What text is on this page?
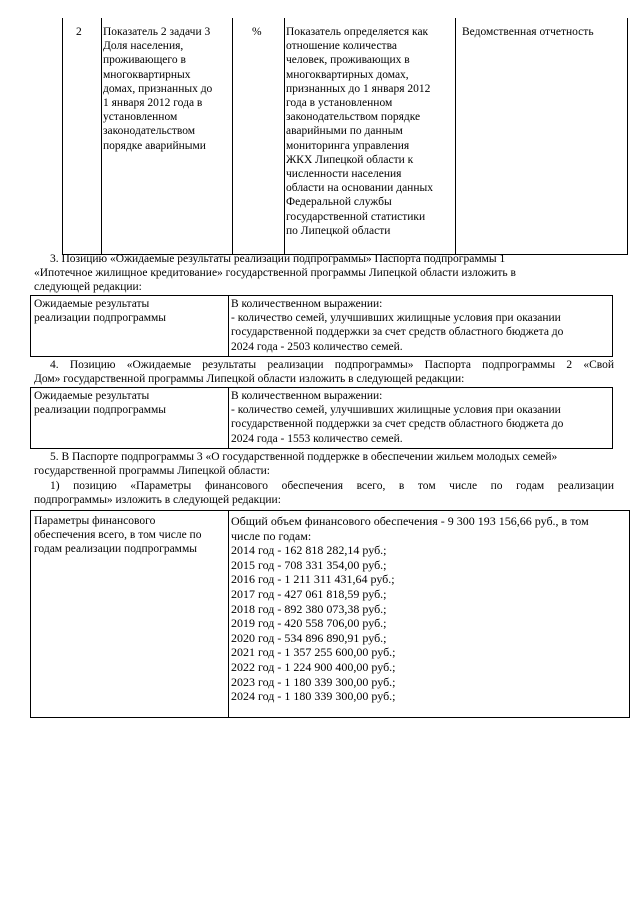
2 Показатель 2 задачи 3
Доля населения,
проживающего в
многоквартирных
домах, признанных до
1 января 2012 года в
установленном
законодательством
порядке аварийными
% Показатель определяется как
отношение количества
человек, проживающих в
многоквартирных домах,
признанных до 1 января 2012
года в установленном
законодательством порядке
аварийными по данным
мониторинга управления
ЖКХ Липецкой области к
численности населения
области на основании данных
Федеральной службы
государственной статистики
по Липецкой области
Ведомственная отчетность
3. Позицию «Ожидаемые результаты реализации подпрограммы» Паспорта подпрограммы 1
«Ипотечное жилищное кредитование» государственной программы Липецкой области изложить в
следующей редакции:
Ожидаемые результаты
реализации подпрограммы
В количественном выражении:
- количество семей, улучшивших жилищные условия при оказании
государственной поддержки за счет средств областного бюджета до
2024 года - 2503 количество семей.
4. Позицию «Ожидаемые результаты реализации подпрограммы» Паспорта подпрограммы 2 «Свой
Дом» государственной программы Липецкой области изложить в следующей редакции:
Ожидаемые результаты
реализации подпрограммы
В количественном выражении:
- количество семей, улучшивших жилищные условия при оказании
государственной поддержки за счет средств областного бюджета до
2024 года - 1553 количество семей.
5. В Паспорте подпрограммы 3 «О государственной поддержке в обеспечении жильем молодых семей»
государственной программы Липецкой области:
1) позицию «Параметры финансового обеспечения всего, в том числе по годам реализации
подпрограммы» изложить в следующей редакции:
Параметры финансового
обеспечения всего, в том числе по
годам реализации подпрограммы
Общий объем финансового обеспечения - 9 300 193 156,66 руб., в том
числе по годам:
2014 год - 162 818 282,14 руб.;
2015 год - 708 331 354,00 руб.;
2016 год - 1 211 311 431,64 руб.;
2017 год - 427 061 818,59 руб.;
2018 год - 892 380 073,38 руб.;
2019 год - 420 558 706,00 руб.;
2020 год - 534 896 890,91 руб.;
2021 год - 1 357 255 600,00 руб.;
2022 год - 1 224 900 400,00 руб.;
2023 год - 1 180 339 300,00 руб.;
2024 год - 1 180 339 300,00 руб.;
